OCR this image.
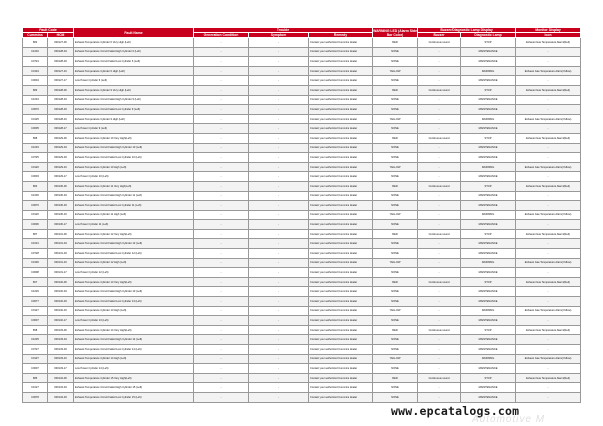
Fault Code		Fault Name	Trouble			WARNING LED (Alarm Side Bar Color)	Buzzer/Diagnostic Lamp Display		Monitor Display
Cummins	HCM		Generation Condition	Symptom	Remedy		Buzzer	Diagnostic Lamp	Icon
682	000127-00	Exhaust Temperature Cylinder 6 Very High (Left)	-	-	Contact your authorized Cummins dealer	RED	Continuous sound	STOP	Exhaust Gas Temperature Alarm(Red)
C1032	000128-04	Exhaust Temperature Circuit Failed High Cylinder 6 (Left)	-	-	Contact your authorized Cummins dealer	NONE	-	MAINTENANCE	-
C0724	000128-03	Exhaust Temperature Circuit Failed Low Cylinder 6 (Left)	-	-	Contact your authorized Cummins dealer	NONE	-	MAINTENANCE	-
C0134	000127-16	Exhaust Temperature Cylinder 6 High (Left)	-	-	Contact your authorized Cummins dealer	YELLOW	-	WARNING	Exhaust Gas Temperature Alarm(Yellow)
C0604	000127-17	Low Power Cylinder 6 (Left)	-	-	Contact your authorized Cummins dealer	NONE	-	MAINTENANCE	-
683	000128-00	Exhaust Temperature Cylinder 9 Very High (Left)	-	-	Contact your authorized Cummins dealer	RED	Continuous sound	STOP	Exhaust Gas Temperature Alarm(Red)
C1034	000128-04	Exhaust Temperature Circuit Failed High Cylinder 9 (Left)	-	-	Contact your authorized Cummins dealer	NONE	-	MAINTENANCE	-
C0670	000128-03	Exhaust Temperature Circuit Failed Low Cylinder 9 (Left)	-	-	Contact your authorized Cummins dealer	NONE	-	MAINTENANCE	-
C0125	000128-16	Exhaust Temperature Cylinder 9 High (Left)	-	-	Contact your authorized Cummins dealer	YELLOW	-	WARNING	Exhaust Gas Temperature Alarm(Yellow)
C0605	000128-17	Low Power Cylinder 9 (Left)	-	-	Contact your authorized Cummins dealer	NONE	-	MAINTENANCE	-
688	000129-00	Exhaust Temperature Cylinder 10 Very High(Left)	-	-	Contact your authorized Cummins dealer	RED	Continuous sound	STOP	Exhaust Gas Temperature Alarm(Red)
C1033	000129-04	Exhaust Temperature Circuit Failed High Cylinder 10 (Left)	-	-	Contact your authorized Cummins dealer	NONE	-	MAINTENANCE	-
C0725	000129-03	Exhaust Temperature Circuit Failed Low Cylinder 10 (Left)	-	-	Contact your authorized Cummins dealer	NONE	-	MAINTENANCE	-
C0120	000129-16	Exhaust Temperature Cylinder 10 High (Left)	-	-	Contact your authorized Cummins dealer	YELLOW	-	WARNING	Exhaust Gas Temperature Alarm(Yellow)
C0603	000129-17	Low Power Cylinder 10 (Left)	-	-	Contact your authorized Cummins dealer	NONE	-	MAINTENANCE	-
684	000130-00	Exhaust Temperature Cylinder 11 Very High(Left)	-	-	Contact your authorized Cummins dealer	RED	Continuous sound	STOP	Exhaust Gas Temperature Alarm(Red)
C1030	000130-04	Exhaust Temperature Circuit Failed High Cylinder 11 (Left)	-	-	Contact your authorized Cummins dealer	NONE	-	MAINTENANCE	-
C0676	000130-03	Exhaust Temperature Circuit Failed Low Cylinder 11 (Left)	-	-	Contact your authorized Cummins dealer	NONE	-	MAINTENANCE	-
C0126	000130-16	Exhaust Temperature Cylinder 11 High (Left)	-	-	Contact your authorized Cummins dealer	YELLOW	-	WARNING	Exhaust Gas Temperature Alarm(Yellow)
C0606	000130-17	Low Power Cylinder 11 (Left)	-	-	Contact your authorized Cummins dealer	NONE	-	MAINTENANCE	-
687	000131-00	Exhaust Temperature Cylinder 12 Very High(Left)	-	-	Contact your authorized Cummins dealer	RED	Continuous sound	STOP	Exhaust Gas Temperature Alarm(Red)
C1031	000131-04	Exhaust Temperature Circuit Failed High Cylinder 12 (Left)	-	-	Contact your authorized Cummins dealer	NONE	-	MAINTENANCE	-
C0728	000131-03	Exhaust Temperature Circuit Failed Low Cylinder 12 (Left)	-	-	Contact your authorized Cummins dealer	NONE	-	MAINTENANCE	-
C0136	000131-16	Exhaust Temperature Cylinder 12 High (Left)	-	-	Contact your authorized Cummins dealer	YELLOW	-	WARNING	Exhaust Gas Temperature Alarm(Yellow)
C0608	000131-17	Low Power Cylinder 12 (Left)	-	-	Contact your authorized Cummins dealer	NONE	-	MAINTENANCE	-
667	000132-00	Exhaust Temperature Cylinder 13 Very High(Left)	-	-	Contact your authorized Cummins dealer	RED	Continuous sound	STOP	Exhaust Gas Temperature Alarm(Red)
C1026	000132-04	Exhaust Temperature Circuit Failed High Cylinder 13 (Left)	-	-	Contact your authorized Cummins dealer	NONE	-	MAINTENANCE	-
C0677	000132-03	Exhaust Temperature Circuit Failed Low Cylinder 13 (Left)	-	-	Contact your authorized Cummins dealer	NONE	-	MAINTENANCE	-
C0127	000132-16	Exhaust Temperature Cylinder 13 High (Left)	-	-	Contact your authorized Cummins dealer	YELLOW	-	WARNING	Exhaust Gas Temperature Alarm(Yellow)
C0607	000132-17	Low Power Cylinder 13 (Left)	-	-	Contact your authorized Cummins dealer	NONE	-	MAINTENANCE	-
658	000133-00	Exhaust Temperature Cylinder 14 Very High(Left)	-	-	Contact your authorized Cummins dealer	RED	Continuous sound	STOP	Exhaust Gas Temperature Alarm(Red)
C1035	000133-04	Exhaust Temperature Circuit Failed High Cylinder 14 (Left)	-	-	Contact your authorized Cummins dealer	NONE	-	MAINTENANCE	-
C0727	000133-03	Exhaust Temperature Circuit Failed Low Cylinder 14 (Left)	-	-	Contact your authorized Cummins dealer	NONE	-	MAINTENANCE	-
C0137	000133-16	Exhaust Temperature Cylinder 14 High (Left)	-	-	Contact your authorized Cummins dealer	YELLOW	-	WARNING	Exhaust Gas Temperature Alarm(Yellow)
C0607	000133-17	Low Power Cylinder 14 (Left)	-	-	Contact your authorized Cummins dealer	NONE	-	MAINTENANCE	-
685	000134-00	Exhaust Temperature Cylinder 15 Very High(Left)	-	-	Contact your authorized Cummins dealer	RED	Continuous sound	STOP	Exhaust Gas Temperature Alarm(Red)
C1027	000134-04	Exhaust Temperature Circuit Failed High Cylinder 15 (Left)	-	-	Contact your authorized Cummins dealer	NONE	-	MAINTENANCE	-
C0678	000134-03	Exhaust Temperature Circuit Failed Low Cylinder 15 (Left)	-	-	Contact your authorized Cummins dealer	NONE	-	MAINTENANCE	-
www.epcatalogs.com
Automotive M
